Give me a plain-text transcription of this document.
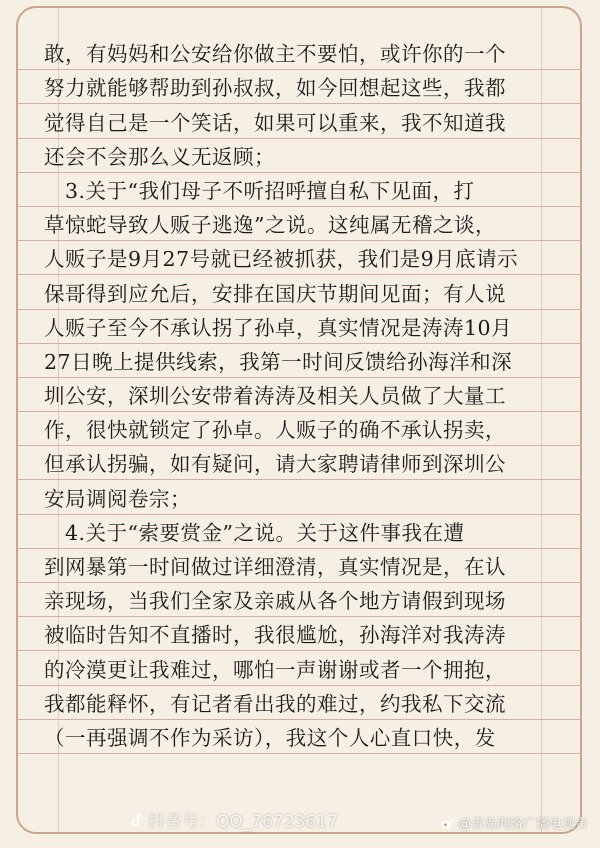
敢，有妈妈和公安给你做主不要怕，或许你的一个
努力就能够帮助到孙叔叔，如今回想起这些，我都
觉得自己是一个笑话，如果可以重来，我不知道我
还会不会那么义无返顾；
　3.关于“我们母子不听招呼擅自私下见面，打
草惊蛇导致人贩子逃逸”之说。这纯属无稽之谈，
人贩子是9月27号就已经被抓获，我们是9月底请示
保哥得到应允后，安排在国庆节期间见面；有人说
人贩子至今不承认拐了孙卓，真实情况是涛涛10月
27日晚上提供线索，我第一时间反馈给孙海洋和深
圳公安，深圳公安带着涛涛及相关人员做了大量工
作，很快就锁定了孙卓。人贩子的确不承认拐卖，
但承认拐骗，如有疑问，请大家聘请律师到深圳公
安局调阅卷宗；
　4.关于“索要赏金”之说。关于这件事我在遭
到网暴第一时间做过详细澄清，真实情况是，在认
亲现场，当我们全家及亲戚从各个地方请假到现场
被临时告知不直播时，我很尴尬，孙海洋对我涛涛
的冷漠更让我难过，哪怕一声谢谢或者一个拥抱，
我都能释怀，有记者看出我的难过，约我私下交流
（一再强调不作为采访），我这个人心直口快，发
抖音号：QQ_76723617	@青岛网络广播电视台
